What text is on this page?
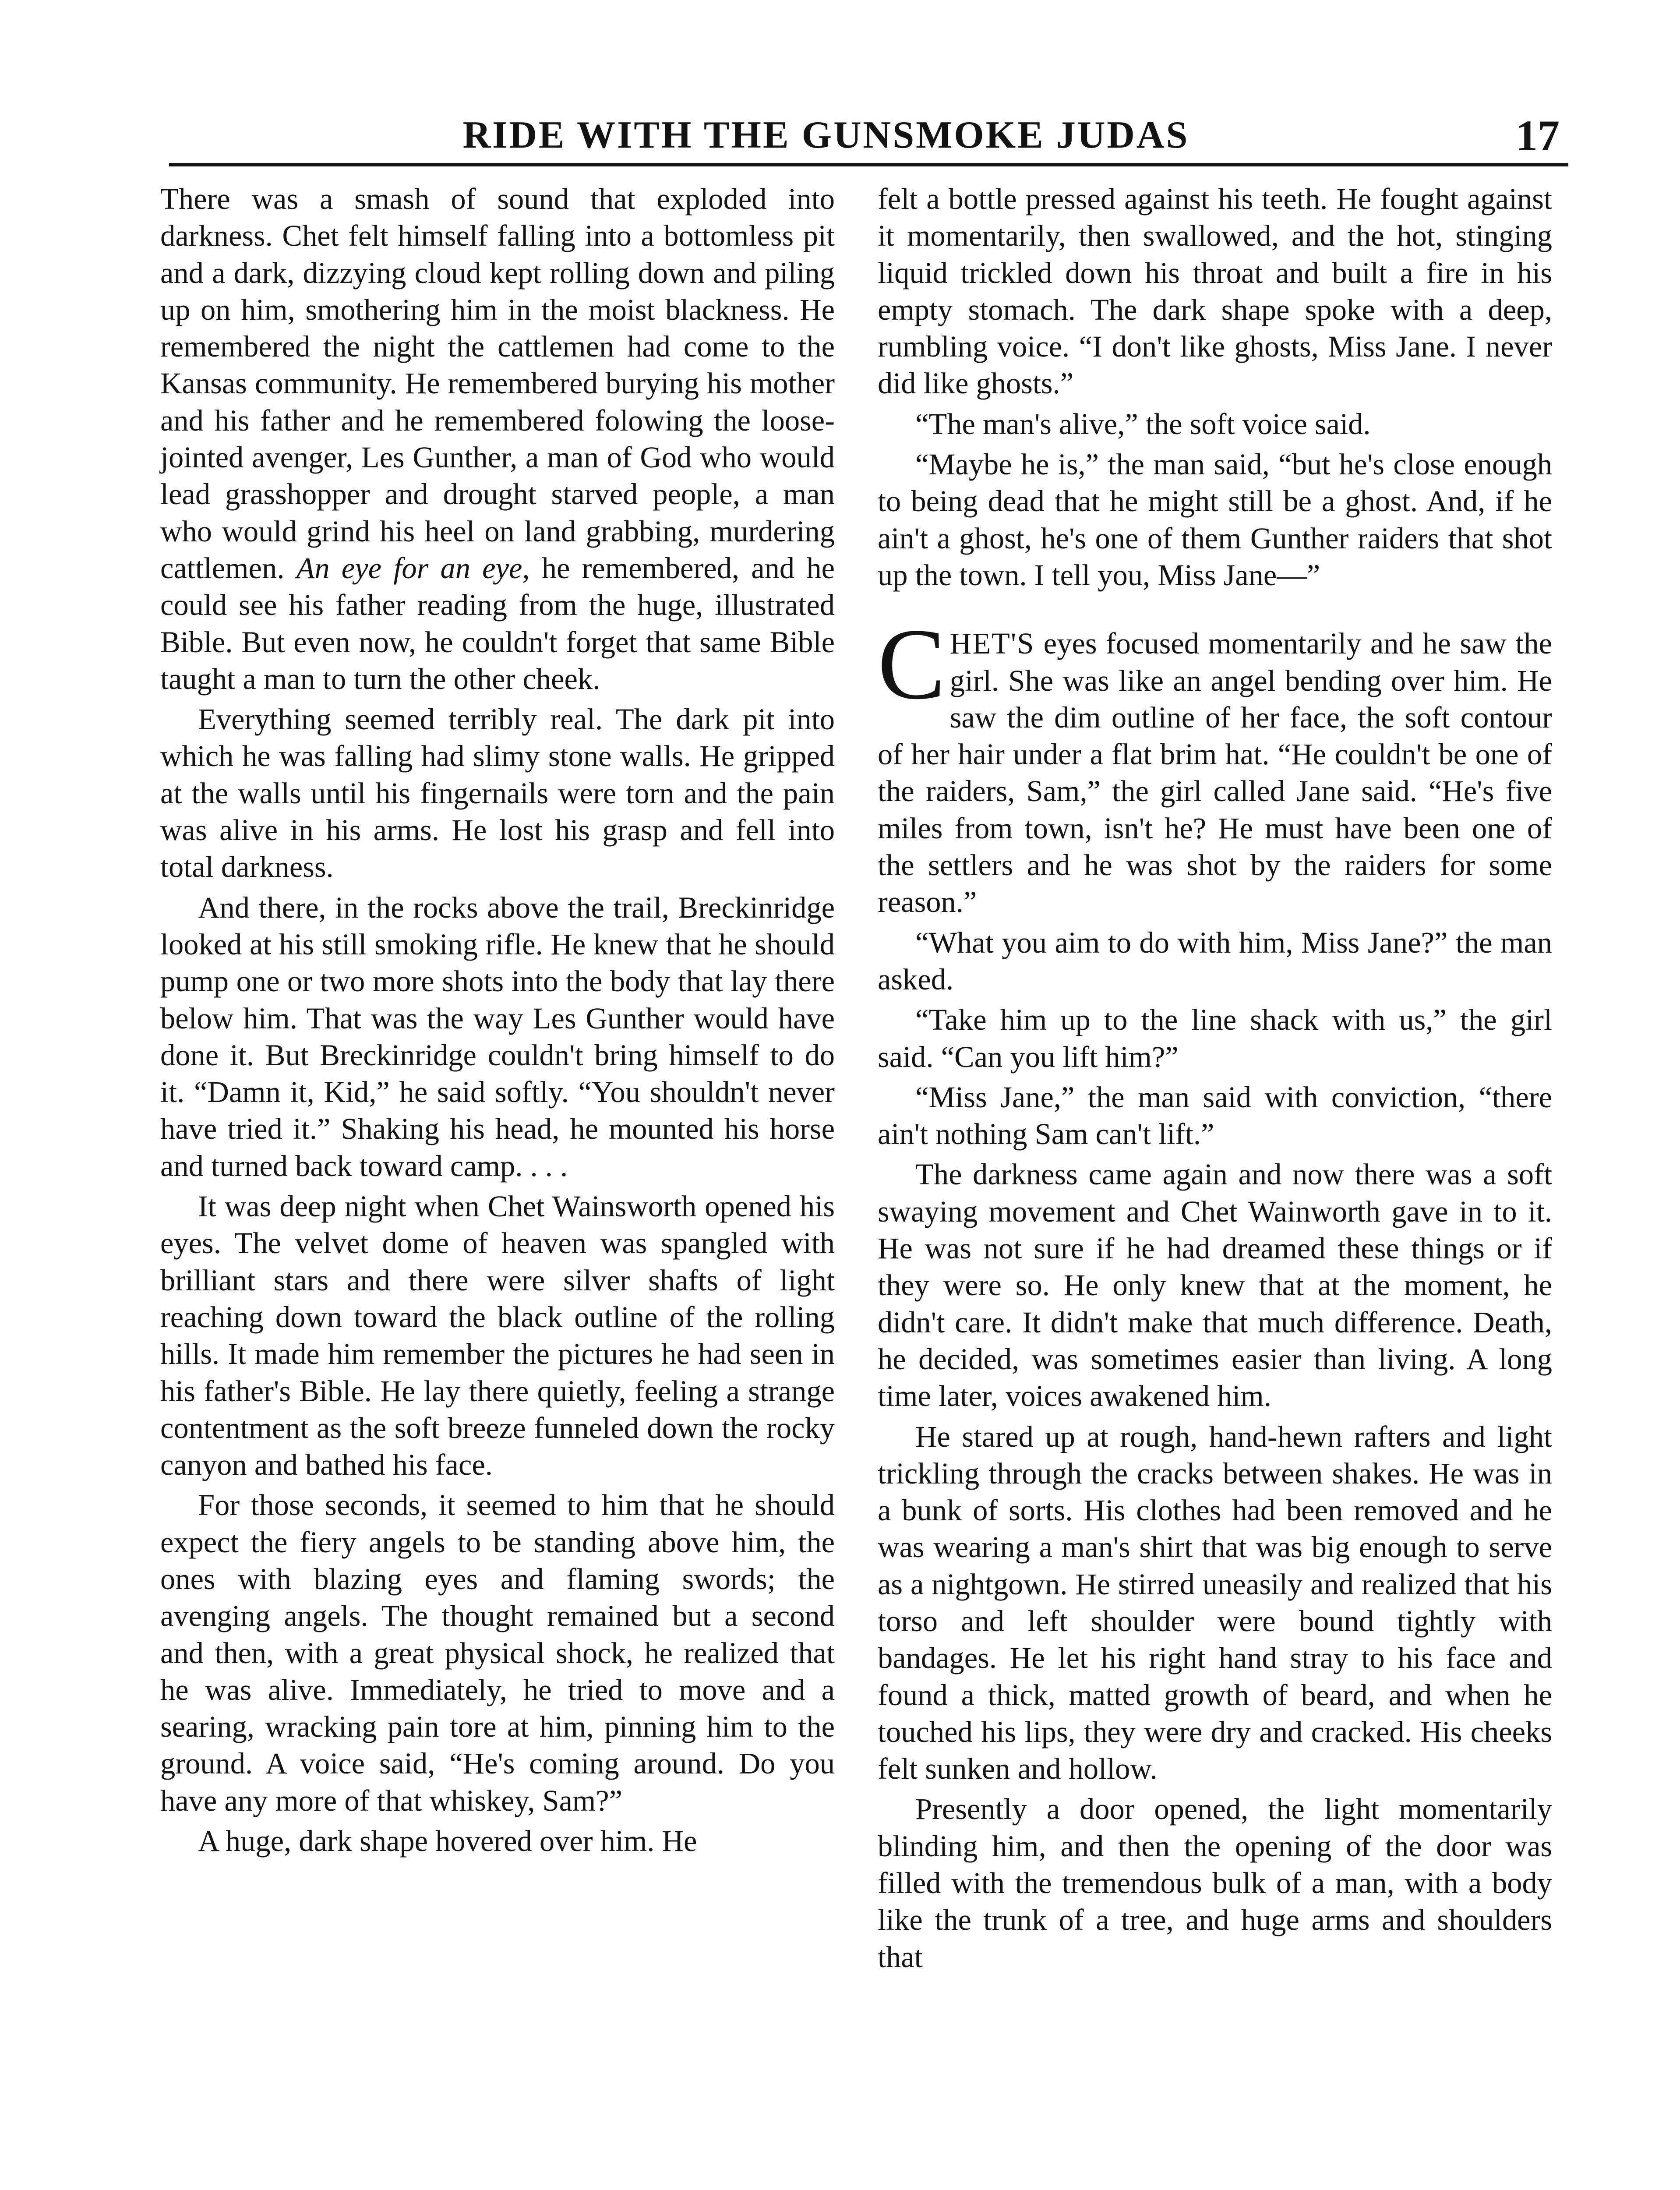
RIDE WITH THE GUNSMOKE JUDAS	17

There was a smash of sound that exploded into darkness. Chet felt himself falling into a bottomless pit and a dark, dizzying cloud kept rolling down and piling up on him, smothering him in the moist blackness. He remembered the night the cattlemen had come to the Kansas community. He remembered burying his mother and his father and he remembered folowing the loose-jointed avenger, Les Gunther, a man of God who would lead grasshopper and drought starved people, a man who would grind his heel on land grabbing, murdering cattlemen. An eye for an eye, he remembered, and he could see his father reading from the huge, illustrated Bible. But even now, he couldn't forget that same Bible taught a man to turn the other cheek.

Everything seemed terribly real. The dark pit into which he was falling had slimy stone walls. He gripped at the walls until his fingernails were torn and the pain was alive in his arms. He lost his grasp and fell into total darkness.

And there, in the rocks above the trail, Breckinridge looked at his still smoking rifle. He knew that he should pump one or two more shots into the body that lay there below him. That was the way Les Gunther would have done it. But Breckinridge couldn't bring himself to do it. “Damn it, Kid,” he said softly. “You shouldn't never have tried it.” Shaking his head, he mounted his horse and turned back toward camp. . . .

It was deep night when Chet Wainsworth opened his eyes. The velvet dome of heaven was spangled with brilliant stars and there were silver shafts of light reaching down toward the black outline of the rolling hills. It made him remember the pictures he had seen in his father's Bible. He lay there quietly, feeling a strange contentment as the soft breeze funneled down the rocky canyon and bathed his face.

For those seconds, it seemed to him that he should expect the fiery angels to be standing above him, the ones with blazing eyes and flaming swords; the avenging angels. The thought remained but a second and then, with a great physical shock, he realized that he was alive. Immediately, he tried to move and a searing, wracking pain tore at him, pinning him to the ground. A voice said, “He's coming around. Do you have any more of that whiskey, Sam?”

A huge, dark shape hovered over him. He

felt a bottle pressed against his teeth. He fought against it momentarily, then swallowed, and the hot, stinging liquid trickled down his throat and built a fire in his empty stomach. The dark shape spoke with a deep, rumbling voice. “I don't like ghosts, Miss Jane. I never did like ghosts.”

“The man's alive,” the soft voice said.

“Maybe he is,” the man said, “but he's close enough to being dead that he might still be a ghost. And, if he ain't a ghost, he's one of them Gunther raiders that shot up the town. I tell you, Miss Jane—”

C HET'S eyes focused momentarily and he saw the girl. She was like an angel bending over him. He saw the dim outline of her face, the soft contour of her hair under a flat brim hat. “He couldn't be one of the raiders, Sam,” the girl called Jane said. “He's five miles from town, isn't he? He must have been one of the settlers and he was shot by the raiders for some reason.”

“What you aim to do with him, Miss Jane?” the man asked.

“Take him up to the line shack with us,” the girl said. “Can you lift him?”

“Miss Jane,” the man said with conviction, “there ain't nothing Sam can't lift.”

The darkness came again and now there was a soft swaying movement and Chet Wainworth gave in to it. He was not sure if he had dreamed these things or if they were so. He only knew that at the moment, he didn't care. It didn't make that much difference. Death, he decided, was sometimes easier than living. A long time later, voices awakened him.

He stared up at rough, hand-hewn rafters and light trickling through the cracks between shakes. He was in a bunk of sorts. His clothes had been removed and he was wearing a man's shirt that was big enough to serve as a nightgown. He stirred uneasily and realized that his torso and left shoulder were bound tightly with bandages. He let his right hand stray to his face and found a thick, matted growth of beard, and when he touched his lips, they were dry and cracked. His cheeks felt sunken and hollow.

Presently a door opened, the light momentarily blinding him, and then the opening of the door was filled with the tremendous bulk of a man, with a body like the trunk of a tree, and huge arms and shoulders that
